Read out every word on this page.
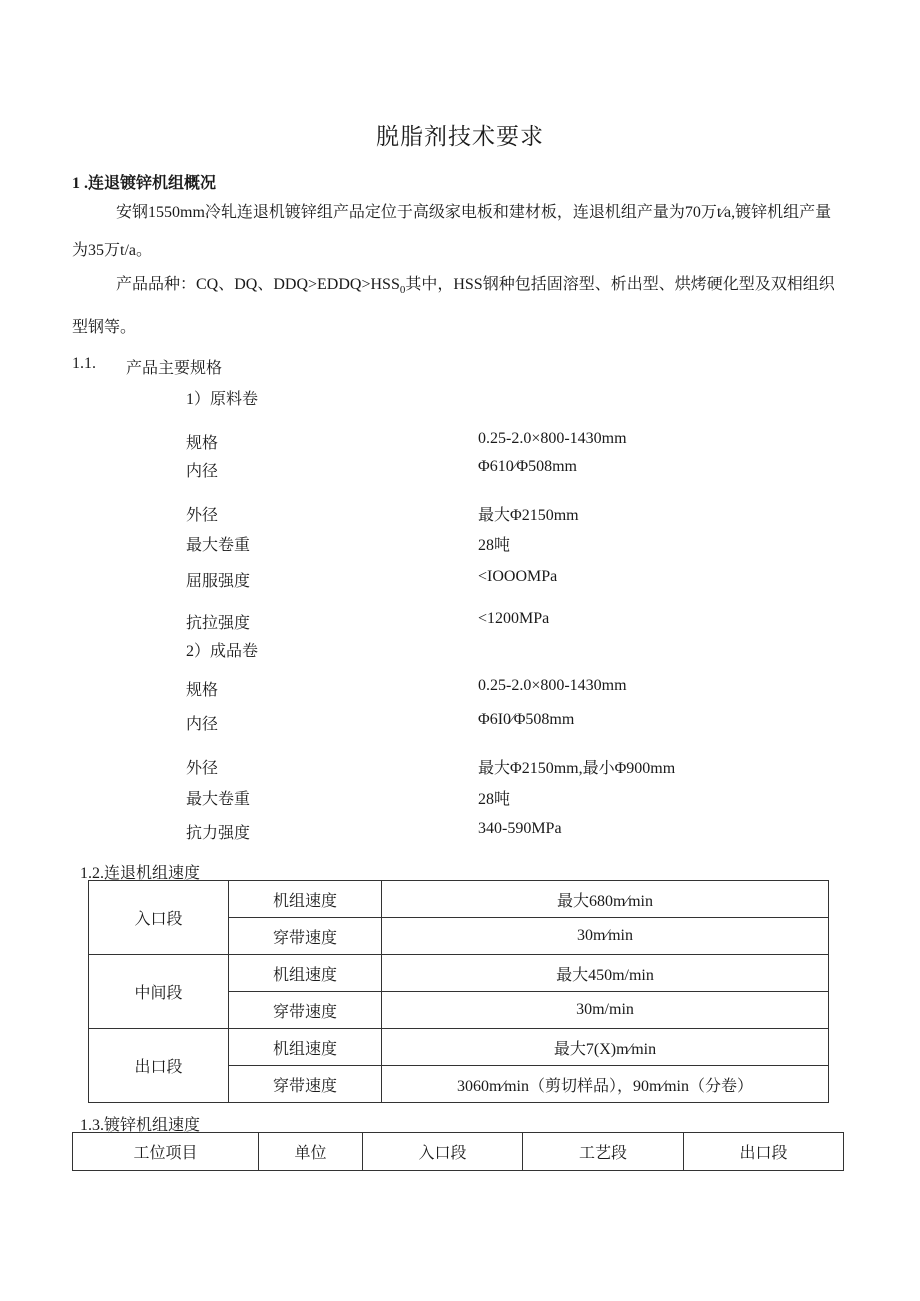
脱脂剂技术要求
1 .连退镀锌机组概况
安钢1550mm冷轧连退机镀锌组产品定位于高级家电板和建材板，连退机组产量为70万t∕a,镀锌机组产量为35万t/a。
产品品种：CQ、DQ、$DDQ>EDDQ>HSS_0$其中，HSS钢种包括固溶型、析出型、烘烤硬化型及双相组织型钢等。
1.1. 产品主要规格
1）原料卷
规格	0.25-2.0×800-1430mm
内径	Φ610∕Φ508mm
外径	最大Φ2150mm
最大卷重	28吨
屈服强度	<IOOOMPa
抗拉强度	<1200MPa
2）成品卷
规格	0.25-2.0×800-1430mm
内径	Φ6I0∕Φ508mm
外径	最大Φ2150mm,最小Φ900mm
最大卷重	28吨
抗力强度	340-590MPa
1.2.连退机组速度
入口段	机组速度	最大680m∕min
	穿带速度	30m∕min
中间段	机组速度	最大450m/min
	穿带速度	30m/min
出口段	机组速度	最大7(X)m∕min
	穿带速度	3060m∕min（剪切样品），90m∕min（分卷）
1.3.镀锌机组速度
工位项目	单位	入口段	工艺段	出口段
